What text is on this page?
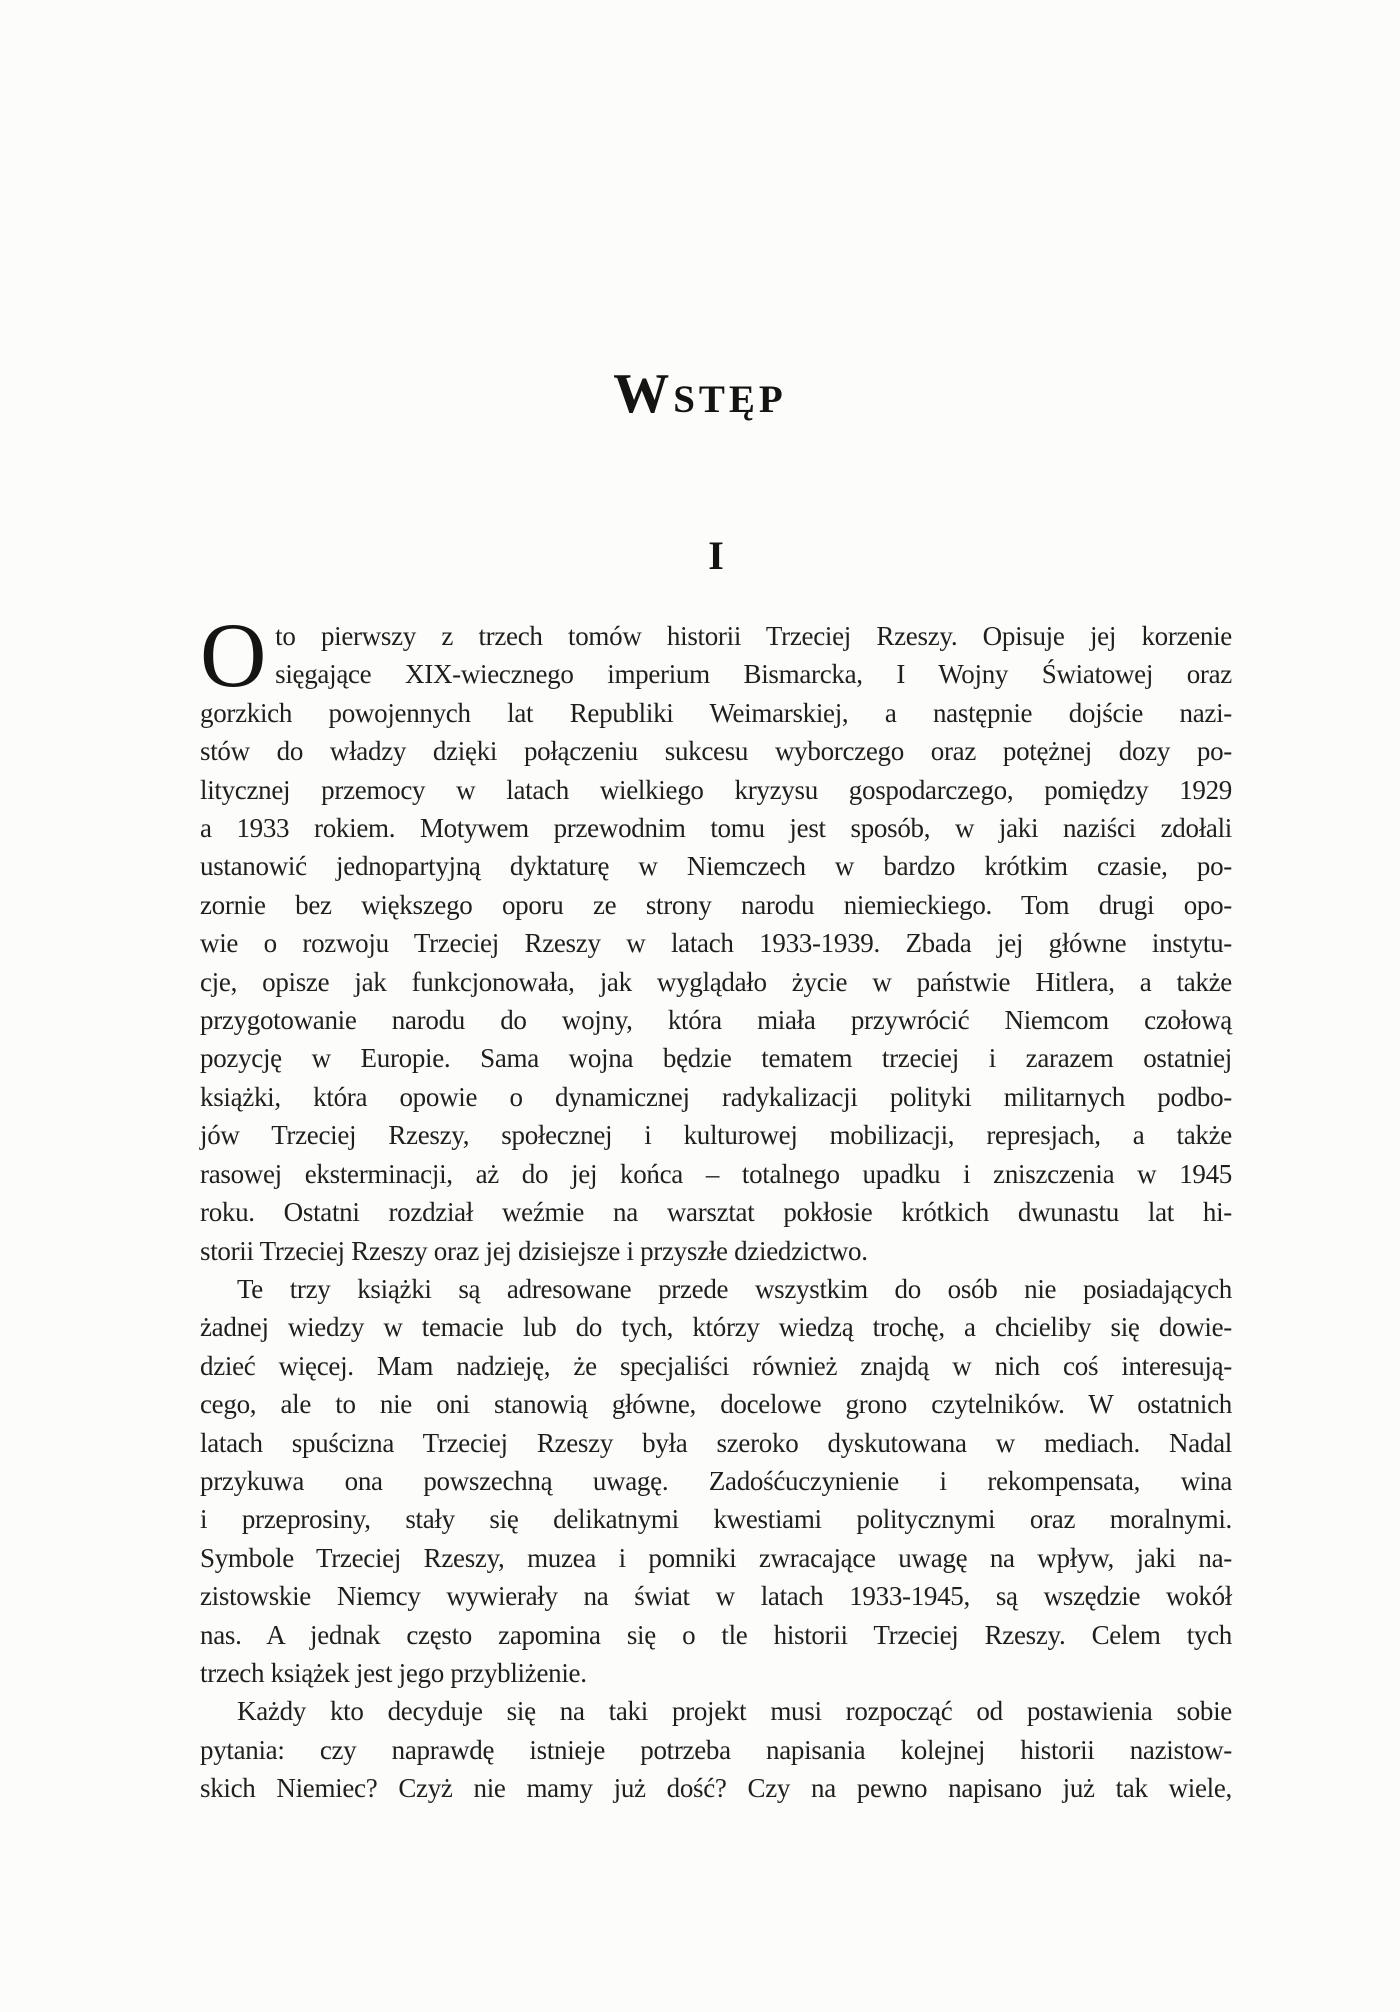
Wstęp
I

O to pierwszy z trzech tomów historii Trzeciej Rzeszy. Opisuje jej korzenie
sięgające XIX-wiecznego imperium Bismarcka, I Wojny Światowej oraz
gorzkich powojennych lat Republiki Weimarskiej, a następnie dojście nazi-
stów do władzy dzięki połączeniu sukcesu wyborczego oraz potężnej dozy po-
litycznej przemocy w latach wielkiego kryzysu gospodarczego, pomiędzy 1929
a 1933 rokiem. Motywem przewodnim tomu jest sposób, w jaki naziści zdołali
ustanowić jednopartyjną dyktaturę w Niemczech w bardzo krótkim czasie, po-
zornie bez większego oporu ze strony narodu niemieckiego. Tom drugi opo-
wie o rozwoju Trzeciej Rzeszy w latach 1933-1939. Zbada jej główne instytu-
cje, opisze jak funkcjonowała, jak wyglądało życie w państwie Hitlera, a także
przygotowanie narodu do wojny, która miała przywrócić Niemcom czołową
pozycję w Europie. Sama wojna będzie tematem trzeciej i zarazem ostatniej
książki, która opowie o dynamicznej radykalizacji polityki militarnych podbo-
jów Trzeciej Rzeszy, społecznej i kulturowej mobilizacji, represjach, a także
rasowej eksterminacji, aż do jej końca – totalnego upadku i zniszczenia w 1945
roku. Ostatni rozdział weźmie na warsztat pokłosie krótkich dwunastu lat hi-
storii Trzeciej Rzeszy oraz jej dzisiejsze i przyszłe dziedzictwo.

Te trzy książki są adresowane przede wszystkim do osób nie posiadających
żadnej wiedzy w temacie lub do tych, którzy wiedzą trochę, a chcieliby się dowie-
dzieć więcej. Mam nadzieję, że specjaliści również znajdą w nich coś interesują-
cego, ale to nie oni stanowią główne, docelowe grono czytelników. W ostatnich
latach spuścizna Trzeciej Rzeszy była szeroko dyskutowana w mediach. Nadal
przykuwa ona powszechną uwagę. Zadośćuczynienie i rekompensata, wina
i przeprosiny, stały się delikatnymi kwestiami politycznymi oraz moralnymi.
Symbole Trzeciej Rzeszy, muzea i pomniki zwracające uwagę na wpływ, jaki na-
zistowskie Niemcy wywierały na świat w latach 1933-1945, są wszędzie wokół
nas. A jednak często zapomina się o tle historii Trzeciej Rzeszy. Celem tych
trzech książek jest jego przybliżenie.

Każdy kto decyduje się na taki projekt musi rozpocząć od postawienia sobie
pytania: czy naprawdę istnieje potrzeba napisania kolejnej historii nazistow-
skich Niemiec? Czyż nie mamy już dość? Czy na pewno napisano już tak wiele,
